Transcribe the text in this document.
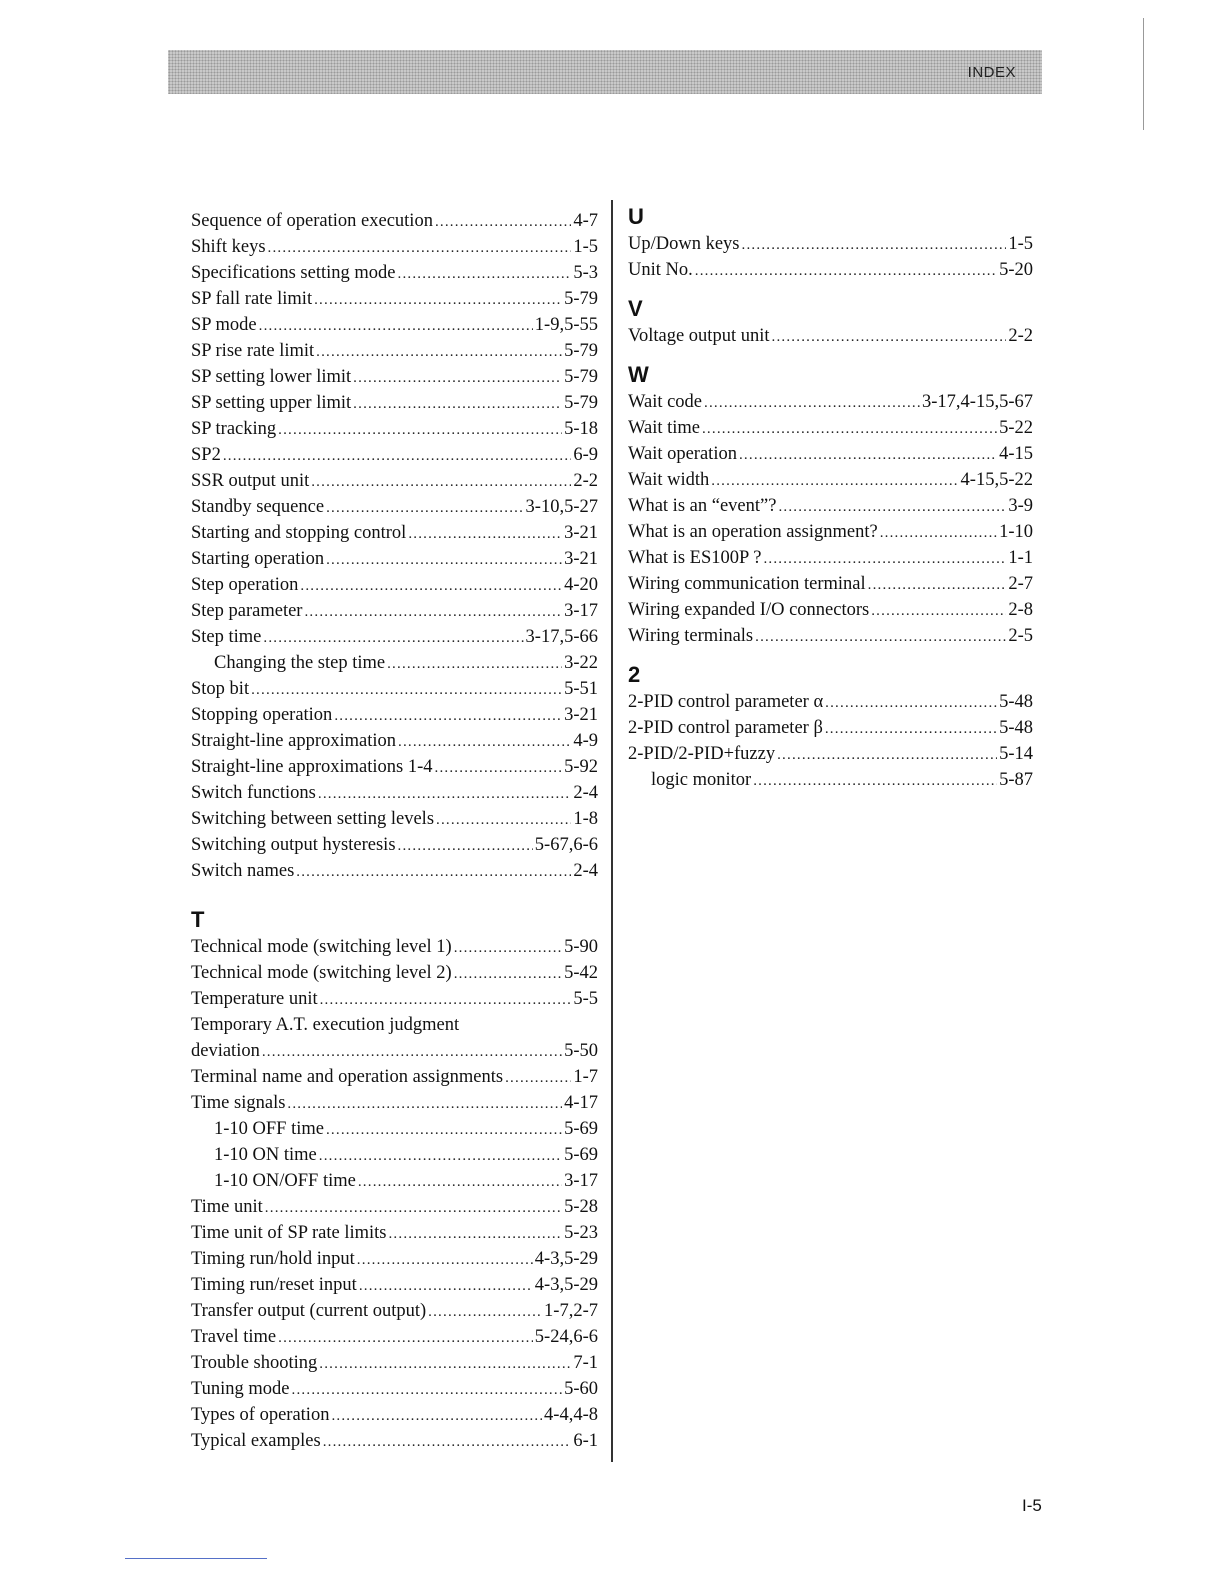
INDEX
Sequence of operation execution .....	4-7
Shift keys .....	1-5
Specifications setting mode .....	5-3
SP fall rate limit .....	5-79
SP mode .....	1-9,5-55
SP rise rate limit .....	5-79
SP setting lower limit .....	5-79
SP setting upper limit .....	5-79
SP tracking .....	5-18
SP2 .....	6-9
SSR output unit .....	2-2
Standby sequence .....	3-10,5-27
Starting and stopping control .....	3-21
Starting operation .....	3-21
Step operation .....	4-20
Step parameter .....	3-17
Step time .....	3-17,5-66
Changing the step time .....	3-22
Stop bit .....	5-51
Stopping operation .....	3-21
Straight-line approximation .....	4-9
Straight-line approximations 1-4 .....	5-92
Switch functions .....	2-4
Switching between setting levels .....	1-8
Switching output hysteresis .....	5-67,6-6
Switch names .....	2-4
T
Technical mode (switching level 1) .....	5-90
Technical mode (switching level 2) .....	5-42
Temperature unit .....	5-5
Temporary A.T. execution judgment
deviation .....	5-50
Terminal name and operation assignments .....	1-7
Time signals .....	4-17
1-10 OFF time .....	5-69
1-10 ON time .....	5-69
1-10 ON/OFF time .....	3-17
Time unit .....	5-28
Time unit of SP rate limits .....	5-23
Timing run/hold input .....	4-3,5-29
Timing run/reset input .....	4-3,5-29
Transfer output (current output) .....	1-7,2-7
Travel time .....	5-24,6-6
Trouble shooting .....	7-1
Tuning mode .....	5-60
Types of operation .....	4-4,4-8
Typical examples .....	6-1
U
Up/Down keys .....	1-5
Unit No. .....	5-20
V
Voltage output unit .....	2-2
W
Wait code .....	3-17,4-15,5-67
Wait time .....	5-22
Wait operation .....	4-15
Wait width .....	4-15,5-22
What is an “event”? .....	3-9
What is an operation assignment? .....	1-10
What is ES100P ? .....	1-1
Wiring communication terminal .....	2-7
Wiring expanded I/O connectors .....	2-8
Wiring terminals .....	2-5
2
2-PID control parameter α .....	5-48
2-PID control parameter β .....	5-48
2-PID/2-PID+fuzzy .....	5-14
logic monitor .....	5-87
I-5
